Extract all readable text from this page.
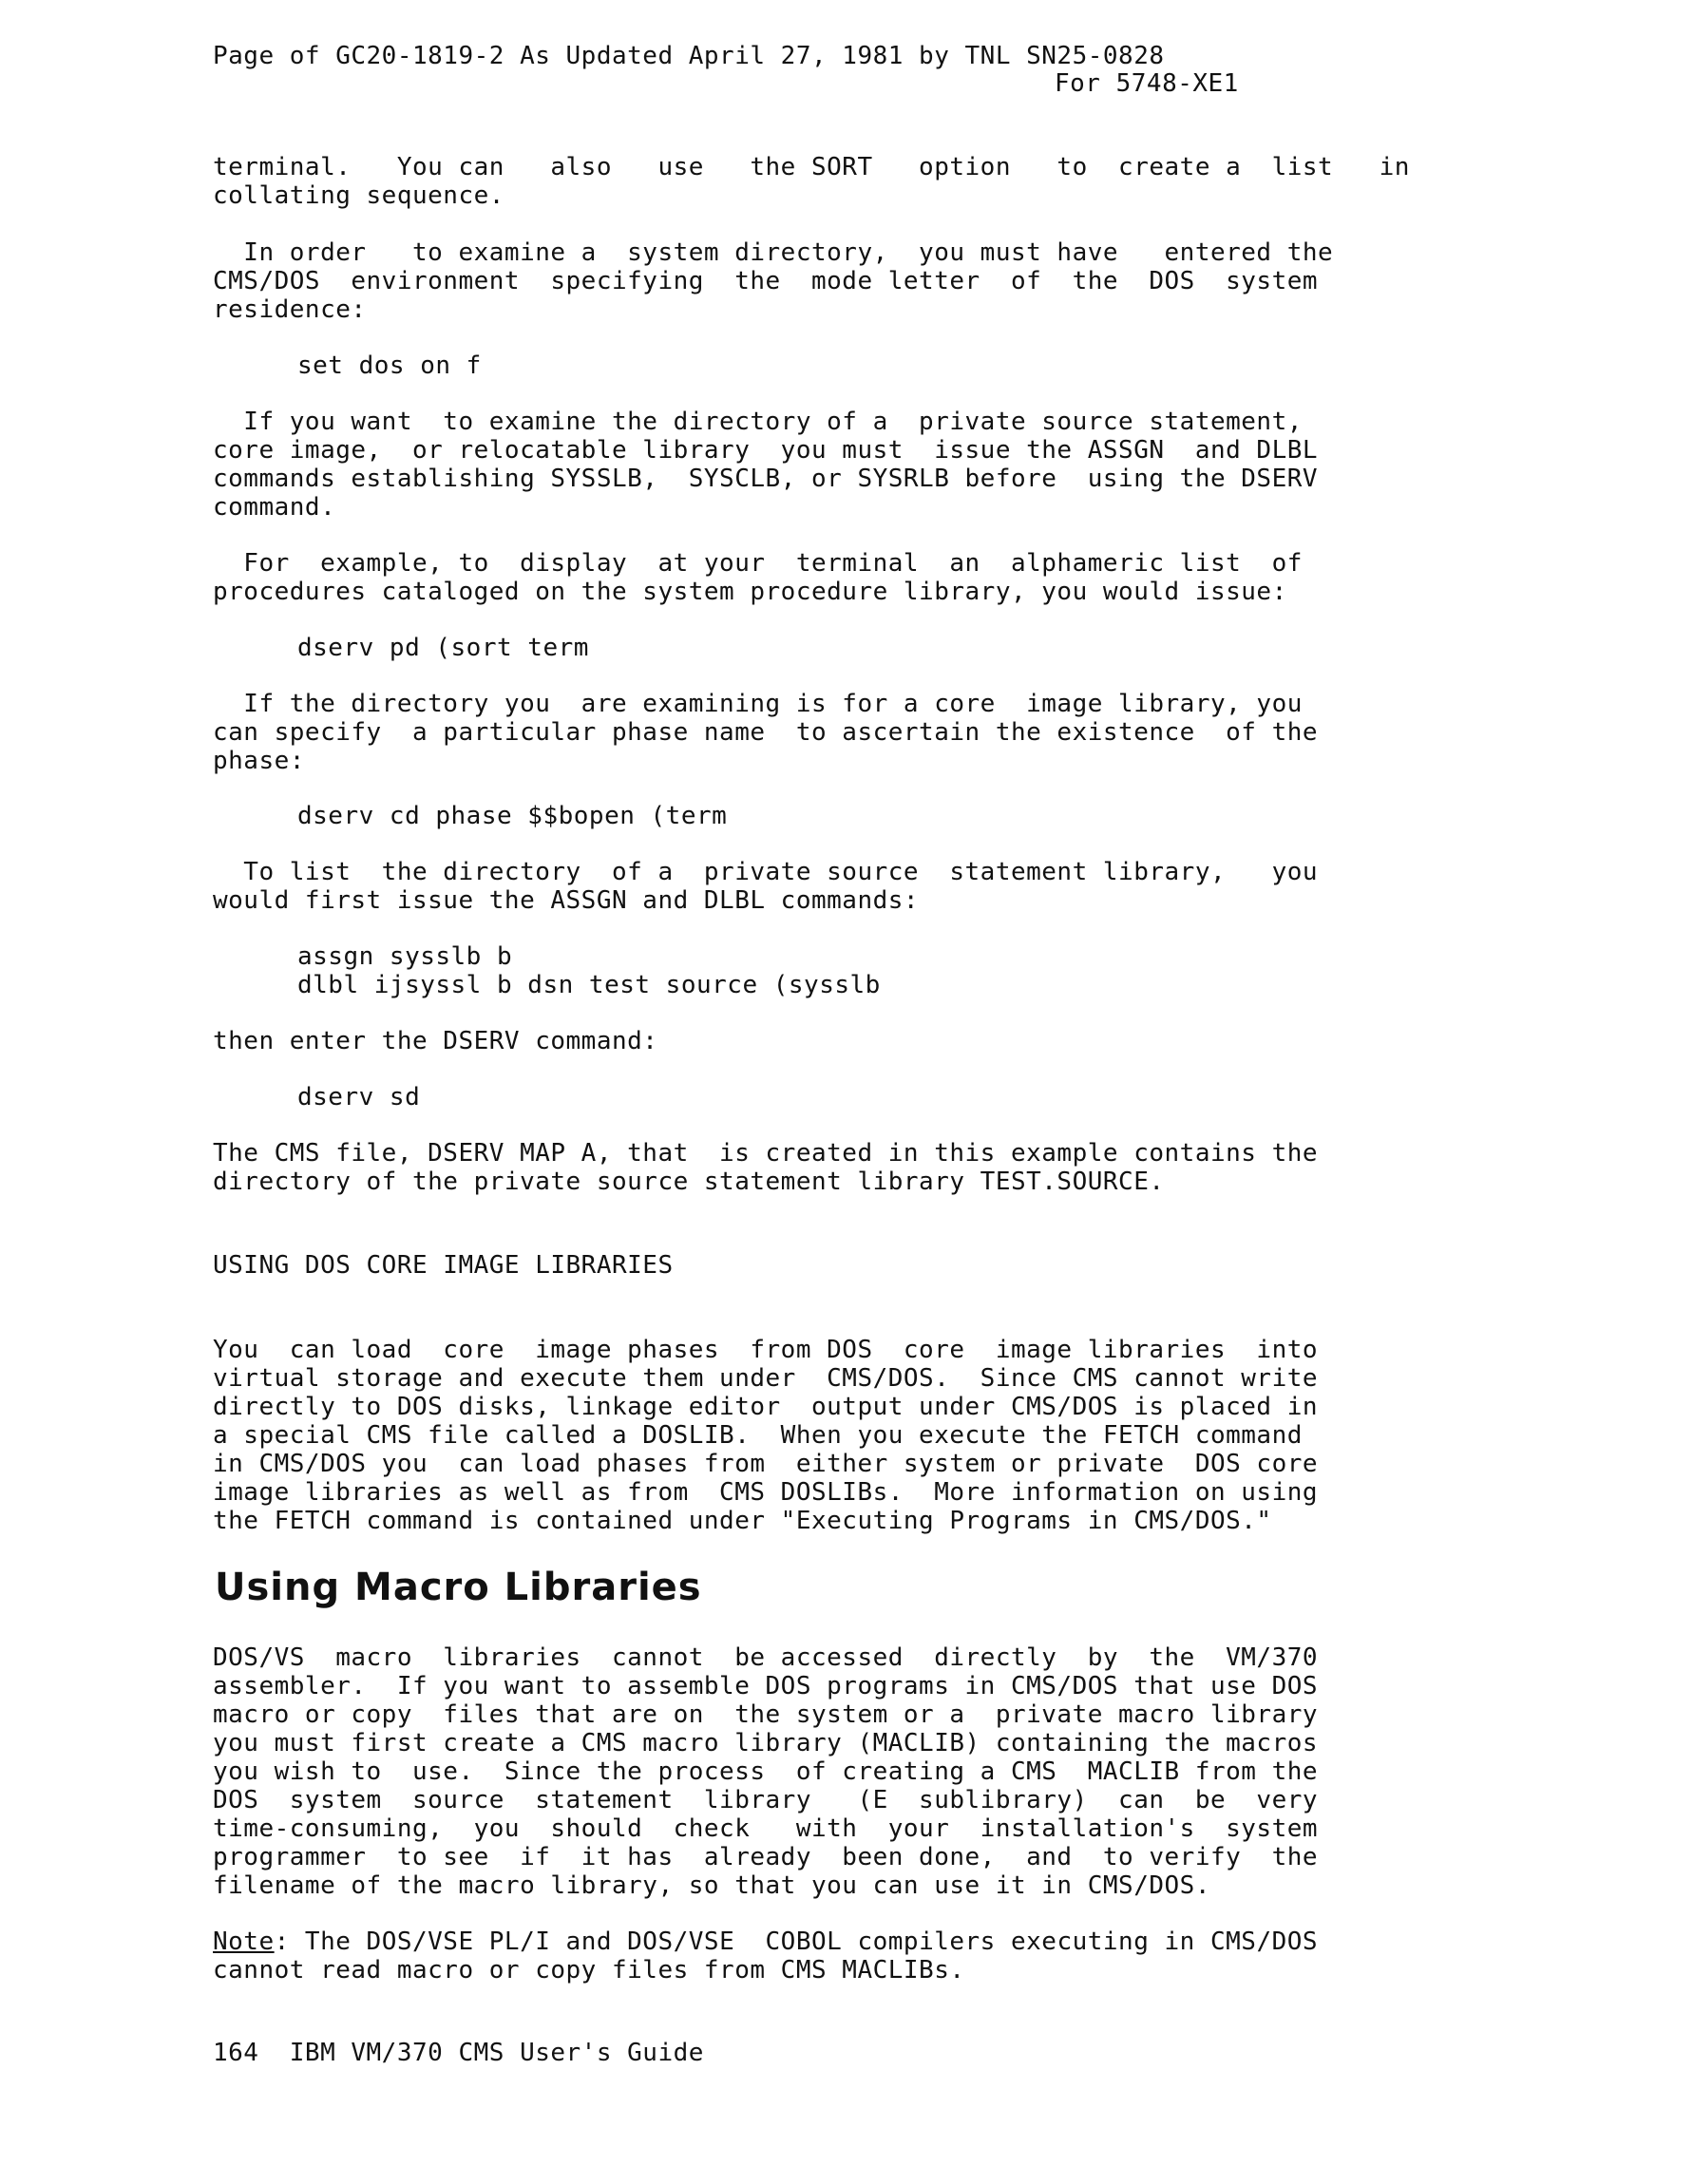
Page of GC20-1819-2 As Updated April 27, 1981 by TNL SN25-0828
For 5748-XE1
terminal.   You can   also   use   the SORT   option   to  create a  list   in
collating sequence.
In order   to examine a  system directory,  you must have   entered the
CMS/DOS  environment  specifying  the  mode letter  of  the  DOS  system
residence:
set dos on f
If you want  to examine the directory of a  private source statement,
core image,  or relocatable library  you must  issue the ASSGN  and DLBL
commands establishing SYSSLB,  SYSCLB, or SYSRLB before  using the DSERV
command.
For  example, to  display  at your  terminal  an  alphameric list  of
procedures cataloged on the system procedure library, you would issue:
dserv pd (sort term
If the directory you  are examining is for a core  image library, you
can specify  a particular phase name  to ascertain the existence  of the
phase:
dserv cd phase $$bopen (term
To list  the directory  of a  private source  statement library,   you
would first issue the ASSGN and DLBL commands:
assgn sysslb b
dlbl ijsyssl b dsn test source (sysslb
then enter the DSERV command:
dserv sd
The CMS file, DSERV MAP A, that  is created in this example contains the
directory of the private source statement library TEST.SOURCE.
USING DOS CORE IMAGE LIBRARIES
You  can load  core  image phases  from DOS  core  image libraries  into
virtual storage and execute them under  CMS/DOS.  Since CMS cannot write
directly to DOS disks, linkage editor  output under CMS/DOS is placed in
a special CMS file called a DOSLIB.  When you execute the FETCH command
in CMS/DOS you  can load phases from  either system or private  DOS core
image libraries as well as from  CMS DOSLIBs.  More information on using
the FETCH command is contained under "Executing Programs in CMS/DOS."
Using Macro Libraries
DOS/VS  macro  libraries  cannot  be accessed  directly  by  the  VM/370
assembler.  If you want to assemble DOS programs in CMS/DOS that use DOS
macro or copy  files that are on  the system or a  private macro library
you must first create a CMS macro library (MACLIB) containing the macros
you wish to  use.  Since the process  of creating a CMS  MACLIB from the
DOS  system  source  statement  library   (E  sublibrary)  can  be  very
time-consuming,  you  should  check   with  your  installation's  system
programmer  to see  if  it has  already  been done,  and  to verify  the
filename of the macro library, so that you can use it in CMS/DOS.
Note: The DOS/VSE PL/I and DOS/VSE  COBOL compilers executing in CMS/DOS
cannot read macro or copy files from CMS MACLIBs.
164  IBM VM/370 CMS User's Guide
